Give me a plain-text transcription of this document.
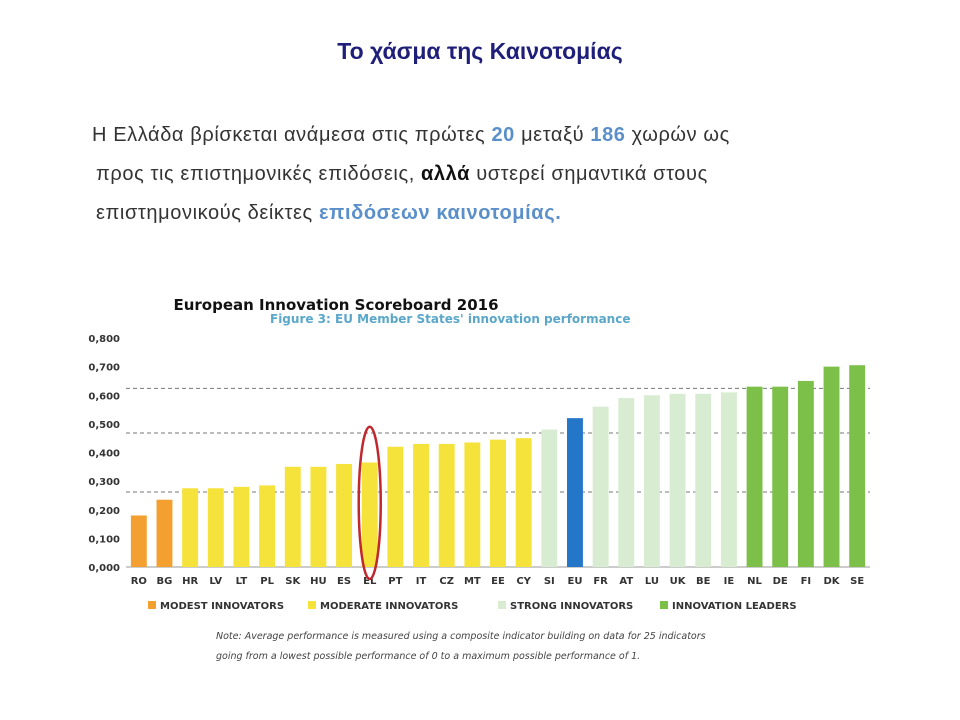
Το χάσμα της Καινοτομίας
Η Ελλάδα βρίσκεται ανάμεσα στις πρώτες 20 μεταξύ 186 χωρών ως
προς τις επιστημονικές επιδόσεις, αλλά υστερεί σημαντικά στους
επιστημονικούς δείκτες επιδόσεων καινοτομίας.
European Innovation Scoreboard 2016
Figure 3: EU Member States' innovation performance
0,000
0,100
0,200
0,300
0,400
0,500
0,600
0,700
0,800
RO BG HR LV LT PL SK HU ES EL PT IT CZ MT EE CY SI EU FR AT LU UK BE IE NL DE FI DK SE
MODEST INNOVATORS	MODERATE INNOVATORS	STRONG INNOVATORS	INNOVATION LEADERS
Note: Average performance is measured using a composite indicator building on data for 25 indicators
going from a lowest possible performance of 0 to a maximum possible performance of 1.
